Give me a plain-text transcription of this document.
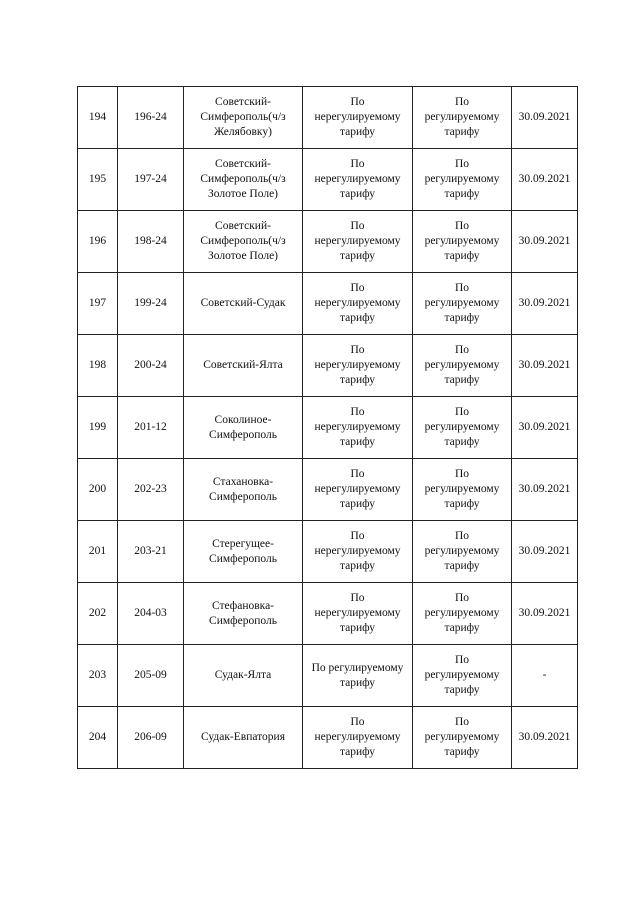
194	196-24	Советский-
Симферополь(ч/з
Желябовку)	По
нерегулируемому
тарифу	По
регулируемому
тарифу	30.09.2021
195	197-24	Советский-
Симферополь(ч/з
Золотое Поле)	По
нерегулируемому
тарифу	По
регулируемому
тарифу	30.09.2021
196	198-24	Советский-
Симферополь(ч/з
Золотое Поле)	По
нерегулируемому
тарифу	По
регулируемому
тарифу	30.09.2021
197	199-24	Советский-Судак	По
нерегулируемому
тарифу	По
регулируемому
тарифу	30.09.2021
198	200-24	Советский-Ялта	По
нерегулируемому
тарифу	По
регулируемому
тарифу	30.09.2021
199	201-12	Соколиное-
Симферополь	По
нерегулируемому
тарифу	По
регулируемому
тарифу	30.09.2021
200	202-23	Стахановка-
Симферополь	По
нерегулируемому
тарифу	По
регулируемому
тарифу	30.09.2021
201	203-21	Стерегущее-
Симферополь	По
нерегулируемому
тарифу	По
регулируемому
тарифу	30.09.2021
202	204-03	Стефановка-
Симферополь	По
нерегулируемому
тарифу	По
регулируемому
тарифу	30.09.2021
203	205-09	Судак-Ялта	По регулируемому
тарифу	По
регулируемому
тарифу	-
204	206-09	Судак-Евпатория	По
нерегулируемому
тарифу	По
регулируемому
тарифу	30.09.2021
